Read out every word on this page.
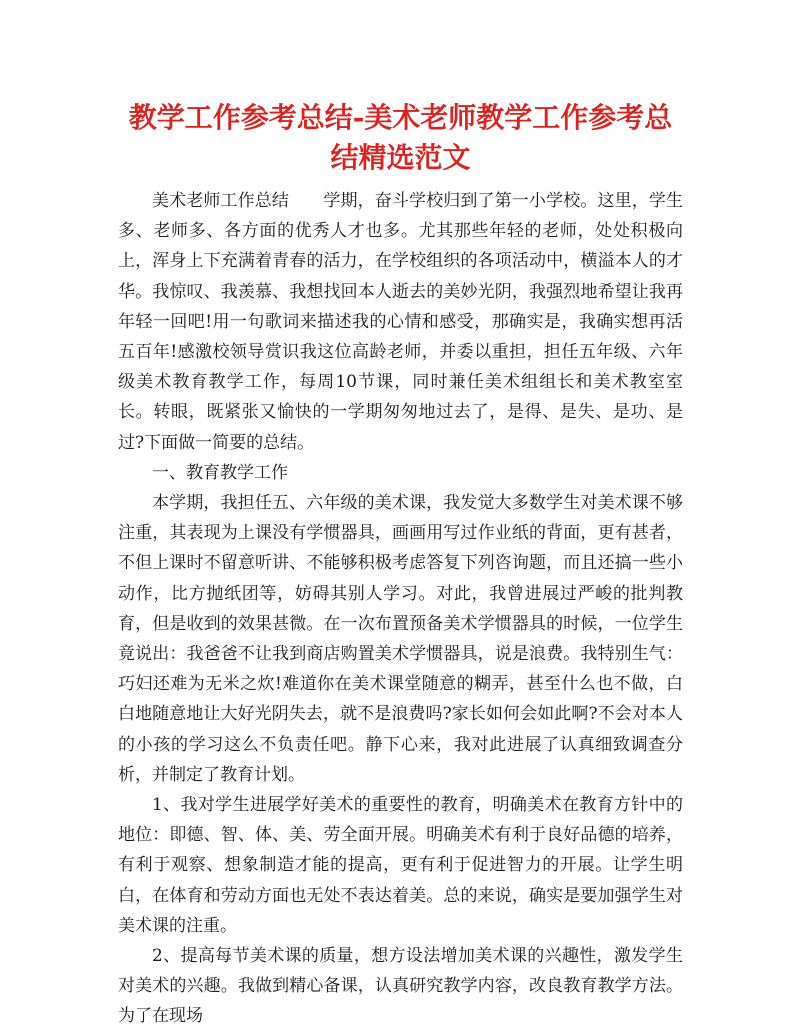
教学工作参考总结-美术老师教学工作参考总结精选范文

美术老师工作总结　　学期，奋斗学校归到了第一小学校。这里，学生多、老师多、各方面的优秀人才也多。尤其那些年轻的老师，处处积极向上，浑身上下充满着青春的活力，在学校组织的各项活动中，横溢本人的才华。我惊叹、我羡慕、我想找回本人逝去的美妙光阴，我强烈地希望让我再年轻一回吧!用一句歌词来描述我的心情和感受，那确实是，我确实想再活五百年!感激校领导赏识我这位高龄老师，并委以重担，担任五年级、六年级美术教育教学工作，每周10节课，同时兼任美术组组长和美术教室室长。转眼，既紧张又愉快的一学期匆匆地过去了，是得、是失、是功、是过?下面做一简要的总结。

一、教育教学工作

本学期，我担任五、六年级的美术课，我发觉大多数学生对美术课不够注重，其表现为上课没有学惯器具，画画用写过作业纸的背面，更有甚者，不但上课时不留意听讲、不能够积极考虑答复下列咨询题，而且还搞一些小动作，比方抛纸团等，妨碍其别人学习。对此，我曾进展过严峻的批判教育，但是收到的效果甚微。在一次布置预备美术学惯器具的时候，一位学生竟说出：我爸爸不让我到商店购置美术学惯器具，说是浪费。我特别生气：巧妇还难为无米之炊!难道你在美术课堂随意的糊弄，甚至什么也不做，白白地随意地让大好光阴失去，就不是浪费吗?家长如何会如此啊?不会对本人的小孩的学习这么不负责任吧。静下心来，我对此进展了认真细致调查分析，并制定了教育计划。

1、我对学生进展学好美术的重要性的教育，明确美术在教育方针中的地位：即德、智、体、美、劳全面开展。明确美术有利于良好品德的培养，有利于观察、想象制造才能的提高，更有利于促进智力的开展。让学生明白，在体育和劳动方面也无处不表达着美。总的来说，确实是要加强学生对美术课的注重。

2、提高每节美术课的质量，想方设法增加美术课的兴趣性，激发学生对美术的兴趣。我做到精心备课，认真研究教学内容，改良教育教学方法。为了在现场
